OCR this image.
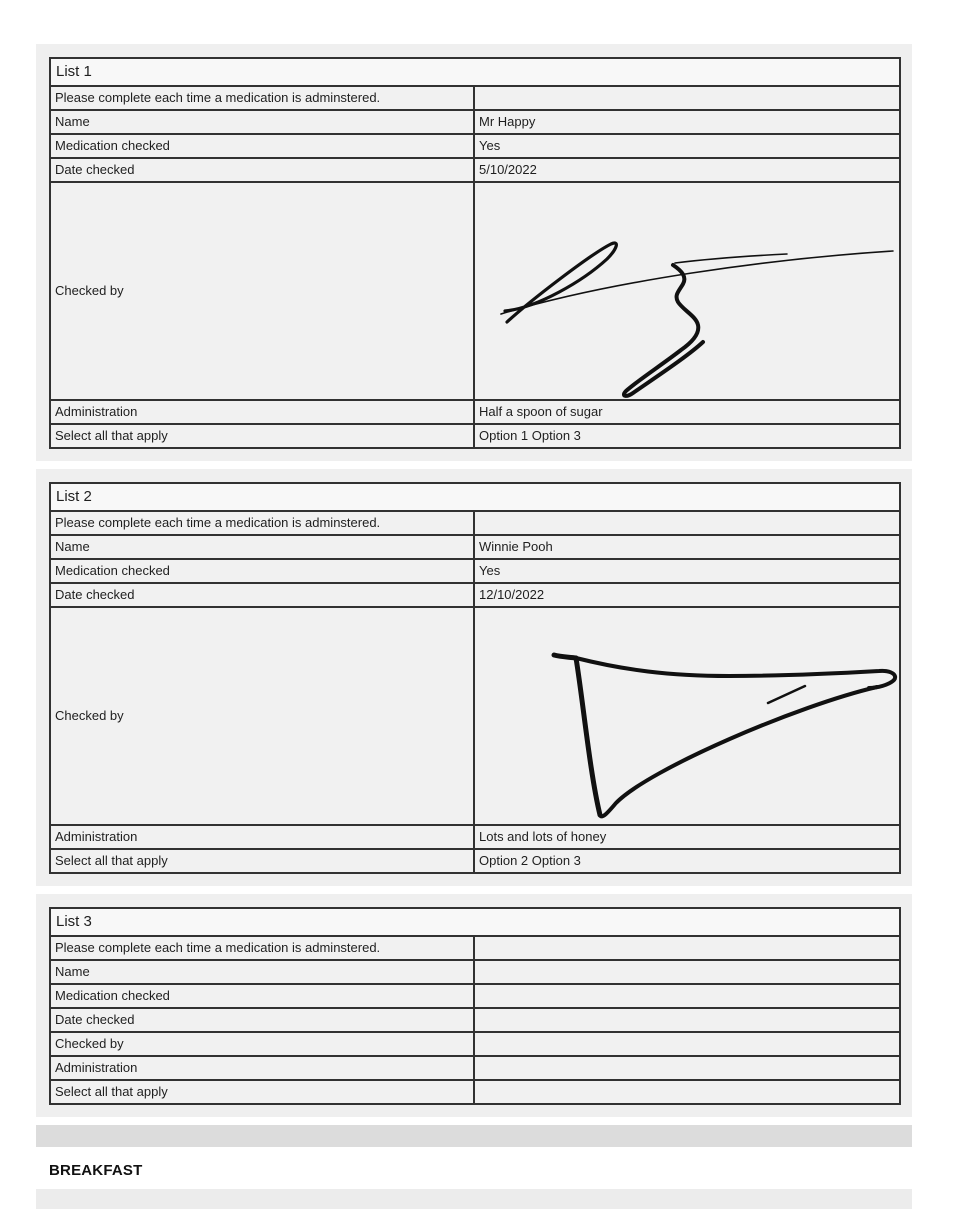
List 1	
Please complete each time a medication is adminstered.	
Name	Mr Happy
Medication checked	Yes
Date checked	5/10/2022
Checked by	

Administration	Half a spoon of sugar
Select all that apply	Option 1 Option 3
List 2	
Please complete each time a medication is adminstered.	
Name	Winnie Pooh
Medication checked	Yes
Date checked	12/10/2022
Checked by	

Administration	Lots and lots of honey
Select all that apply	Option 2 Option 3
List 3	
Please complete each time a medication is adminstered.	
Name	
Medication checked	
Date checked	
Checked by	
Administration	
Select all that apply	
BREAKFAST
